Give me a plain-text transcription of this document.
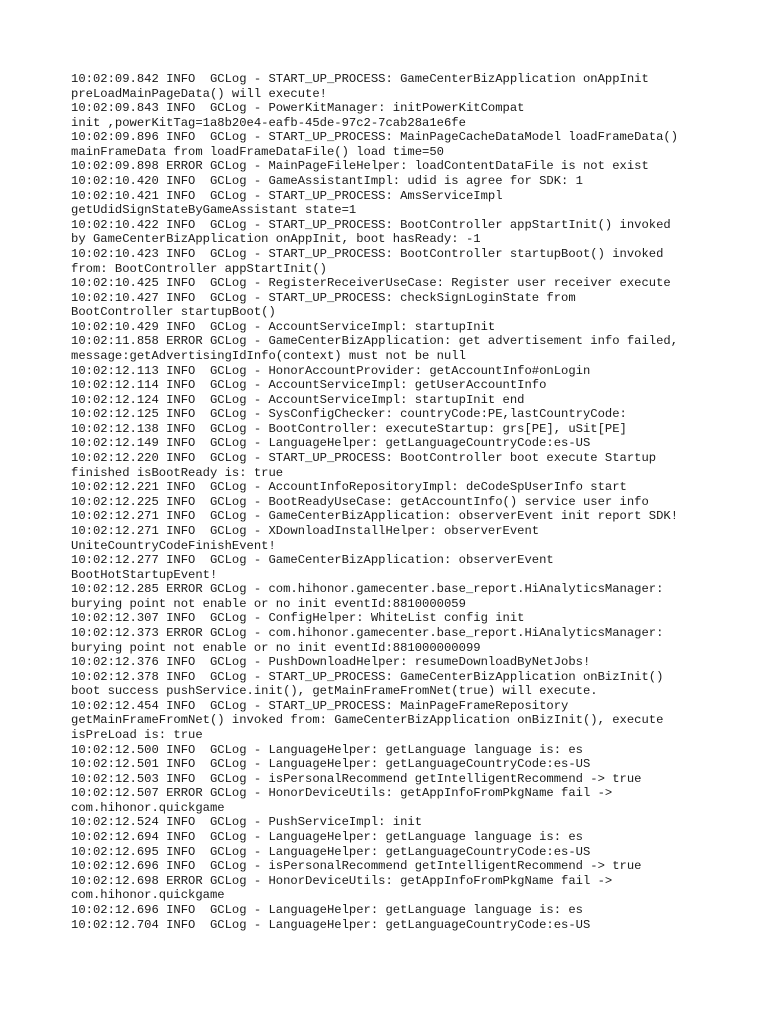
10:02:09.842 INFO  GCLog - START_UP_PROCESS: GameCenterBizApplication onAppInit
preLoadMainPageData() will execute!
10:02:09.843 INFO  GCLog - PowerKitManager: initPowerKitCompat
init ,powerKitTag=1a8b20e4-eafb-45de-97c2-7cab28a1e6fe
10:02:09.896 INFO  GCLog - START_UP_PROCESS: MainPageCacheDataModel loadFrameData()
mainFrameData from loadFrameDataFile() load time=50
10:02:09.898 ERROR GCLog - MainPageFileHelper: loadContentDataFile is not exist
10:02:10.420 INFO  GCLog - GameAssistantImpl: udid is agree for SDK: 1
10:02:10.421 INFO  GCLog - START_UP_PROCESS: AmsServiceImpl
getUdidSignStateByGameAssistant state=1
10:02:10.422 INFO  GCLog - START_UP_PROCESS: BootController appStartInit() invoked
by GameCenterBizApplication onAppInit, boot hasReady: -1
10:02:10.423 INFO  GCLog - START_UP_PROCESS: BootController startupBoot() invoked
from: BootController appStartInit()
10:02:10.425 INFO  GCLog - RegisterReceiverUseCase: Register user receiver execute
10:02:10.427 INFO  GCLog - START_UP_PROCESS: checkSignLoginState from
BootController startupBoot()
10:02:10.429 INFO  GCLog - AccountServiceImpl: startupInit
10:02:11.858 ERROR GCLog - GameCenterBizApplication: get advertisement info failed,
message:getAdvertisingIdInfo(context) must not be null
10:02:12.113 INFO  GCLog - HonorAccountProvider: getAccountInfo#onLogin
10:02:12.114 INFO  GCLog - AccountServiceImpl: getUserAccountInfo
10:02:12.124 INFO  GCLog - AccountServiceImpl: startupInit end
10:02:12.125 INFO  GCLog - SysConfigChecker: countryCode:PE,lastCountryCode:
10:02:12.138 INFO  GCLog - BootController: executeStartup: grs[PE], uSit[PE]
10:02:12.149 INFO  GCLog - LanguageHelper: getLanguageCountryCode:es-US
10:02:12.220 INFO  GCLog - START_UP_PROCESS: BootController boot execute Startup
finished isBootReady is: true
10:02:12.221 INFO  GCLog - AccountInfoRepositoryImpl: deCodeSpUserInfo start
10:02:12.225 INFO  GCLog - BootReadyUseCase: getAccountInfo() service user info
10:02:12.271 INFO  GCLog - GameCenterBizApplication: observerEvent init report SDK!
10:02:12.271 INFO  GCLog - XDownloadInstallHelper: observerEvent
UniteCountryCodeFinishEvent!
10:02:12.277 INFO  GCLog - GameCenterBizApplication: observerEvent
BootHotStartupEvent!
10:02:12.285 ERROR GCLog - com.hihonor.gamecenter.base_report.HiAnalyticsManager:
burying point not enable or no init eventId:8810000059
10:02:12.307 INFO  GCLog - ConfigHelper: WhiteList config init
10:02:12.373 ERROR GCLog - com.hihonor.gamecenter.base_report.HiAnalyticsManager:
burying point not enable or no init eventId:881000000099
10:02:12.376 INFO  GCLog - PushDownloadHelper: resumeDownloadByNetJobs!
10:02:12.378 INFO  GCLog - START_UP_PROCESS: GameCenterBizApplication onBizInit()
boot success pushService.init(), getMainFrameFromNet(true) will execute.
10:02:12.454 INFO  GCLog - START_UP_PROCESS: MainPageFrameRepository
getMainFrameFromNet() invoked from: GameCenterBizApplication onBizInit(), execute
isPreLoad is: true
10:02:12.500 INFO  GCLog - LanguageHelper: getLanguage language is: es
10:02:12.501 INFO  GCLog - LanguageHelper: getLanguageCountryCode:es-US
10:02:12.503 INFO  GCLog - isPersonalRecommend getIntelligentRecommend -> true
10:02:12.507 ERROR GCLog - HonorDeviceUtils: getAppInfoFromPkgName fail ->
com.hihonor.quickgame
10:02:12.524 INFO  GCLog - PushServiceImpl: init
10:02:12.694 INFO  GCLog - LanguageHelper: getLanguage language is: es
10:02:12.695 INFO  GCLog - LanguageHelper: getLanguageCountryCode:es-US
10:02:12.696 INFO  GCLog - isPersonalRecommend getIntelligentRecommend -> true
10:02:12.698 ERROR GCLog - HonorDeviceUtils: getAppInfoFromPkgName fail ->
com.hihonor.quickgame
10:02:12.696 INFO  GCLog - LanguageHelper: getLanguage language is: es
10:02:12.704 INFO  GCLog - LanguageHelper: getLanguageCountryCode:es-US
